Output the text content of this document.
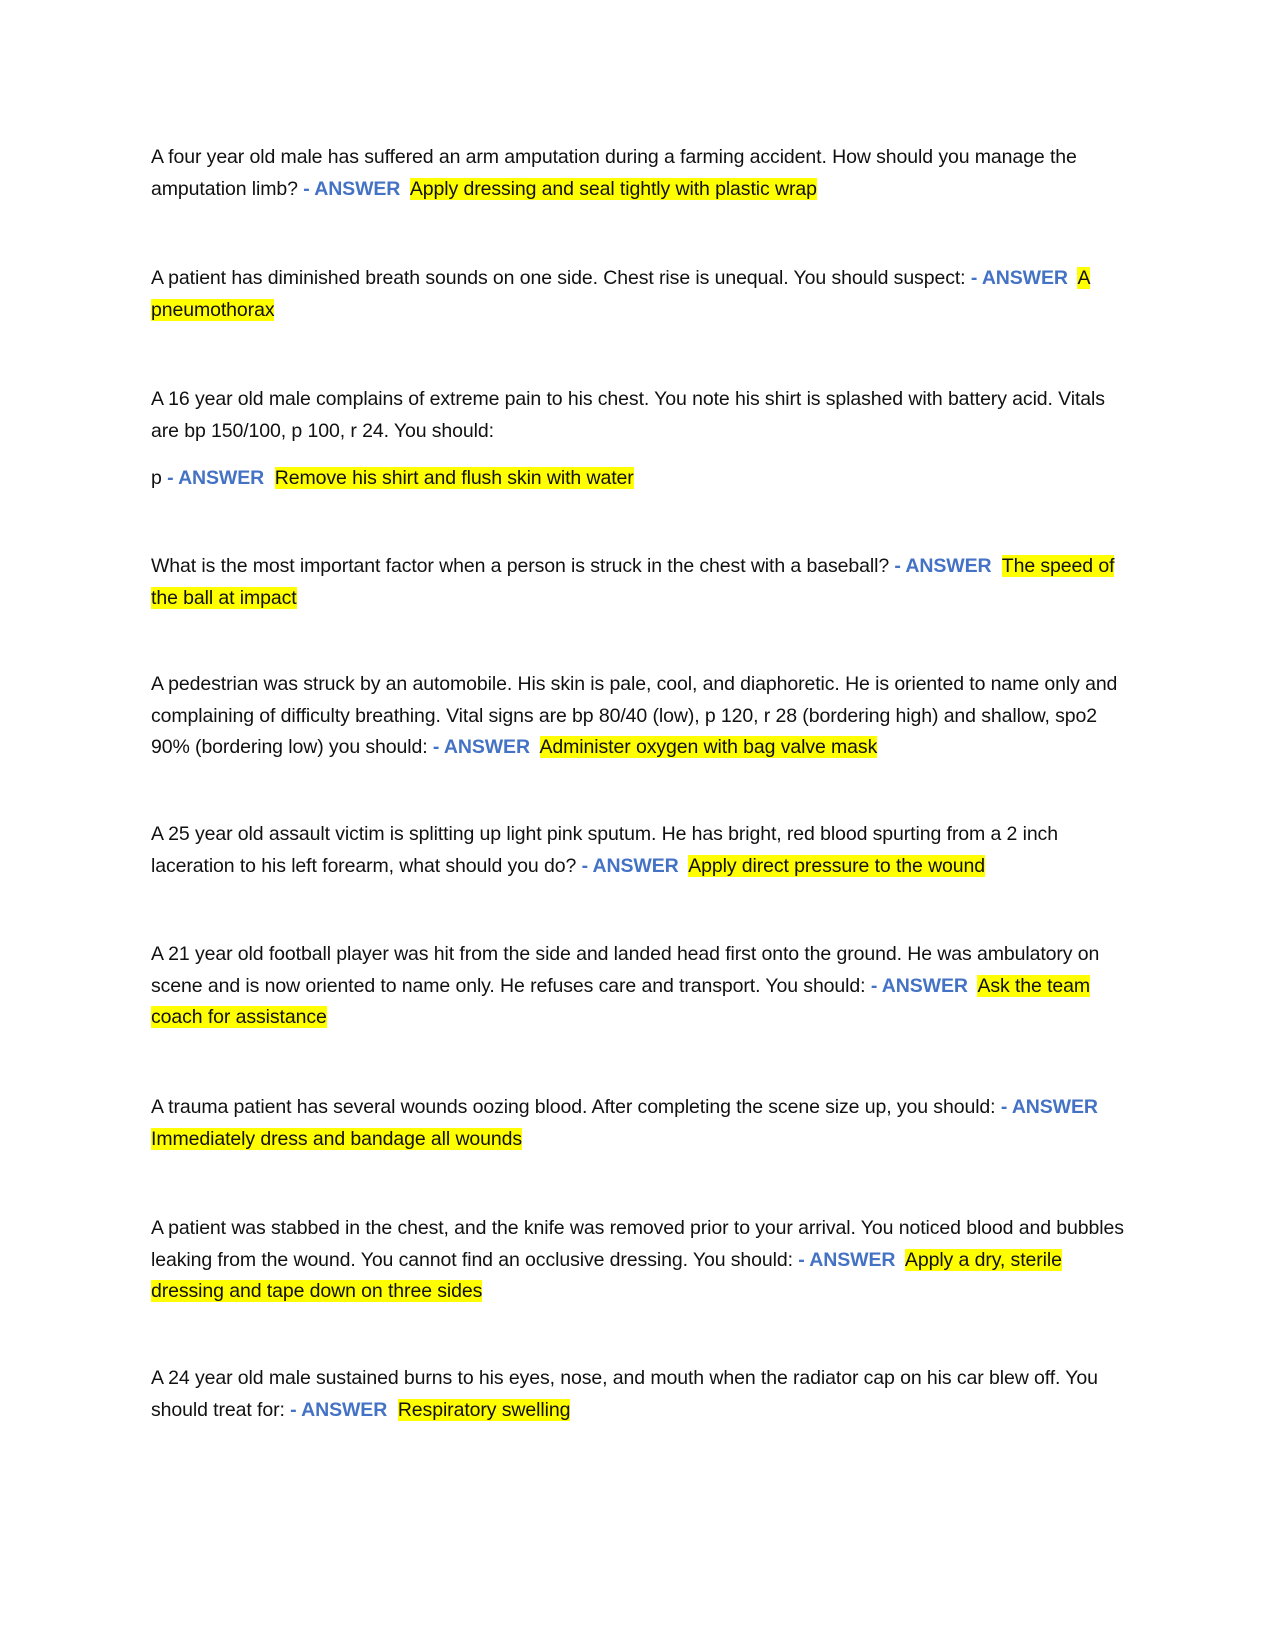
A four year old male has suffered an arm amputation during a farming accident. How should you manage the amputation limb? - ANSWER Apply dressing and seal tightly with plastic wrap
A patient has diminished breath sounds on one side. Chest rise is unequal. You should suspect: - ANSWER A pneumothorax
A 16 year old male complains of extreme pain to his chest. You note his shirt is splashed with battery acid. Vitals are bp 150/100, p 100, r 24. You should:
p - ANSWER Remove his shirt and flush skin with water
What is the most important factor when a person is struck in the chest with a baseball? - ANSWER The speed of the ball at impact
A pedestrian was struck by an automobile. His skin is pale, cool, and diaphoretic. He is oriented to name only and complaining of difficulty breathing. Vital signs are bp 80/40 (low), p 120, r 28 (bordering high) and shallow, spo2 90% (bordering low) you should: - ANSWER Administer oxygen with bag valve mask
A 25 year old assault victim is splitting up light pink sputum. He has bright, red blood spurting from a 2 inch laceration to his left forearm, what should you do? - ANSWER Apply direct pressure to the wound
A 21 year old football player was hit from the side and landed head first onto the ground. He was ambulatory on scene and is now oriented to name only. He refuses care and transport. You should: - ANSWER Ask the team coach for assistance
A trauma patient has several wounds oozing blood. After completing the scene size up, you should: - ANSWER  Immediately dress and bandage all wounds
A patient was stabbed in the chest, and the knife was removed prior to your arrival. You noticed blood and bubbles leaking from the wound. You cannot find an occlusive dressing. You should: - ANSWER Apply a dry, sterile dressing and tape down on three sides
A 24 year old male sustained burns to his eyes, nose, and mouth when the radiator cap on his car blew off. You should treat for: - ANSWER Respiratory swelling
